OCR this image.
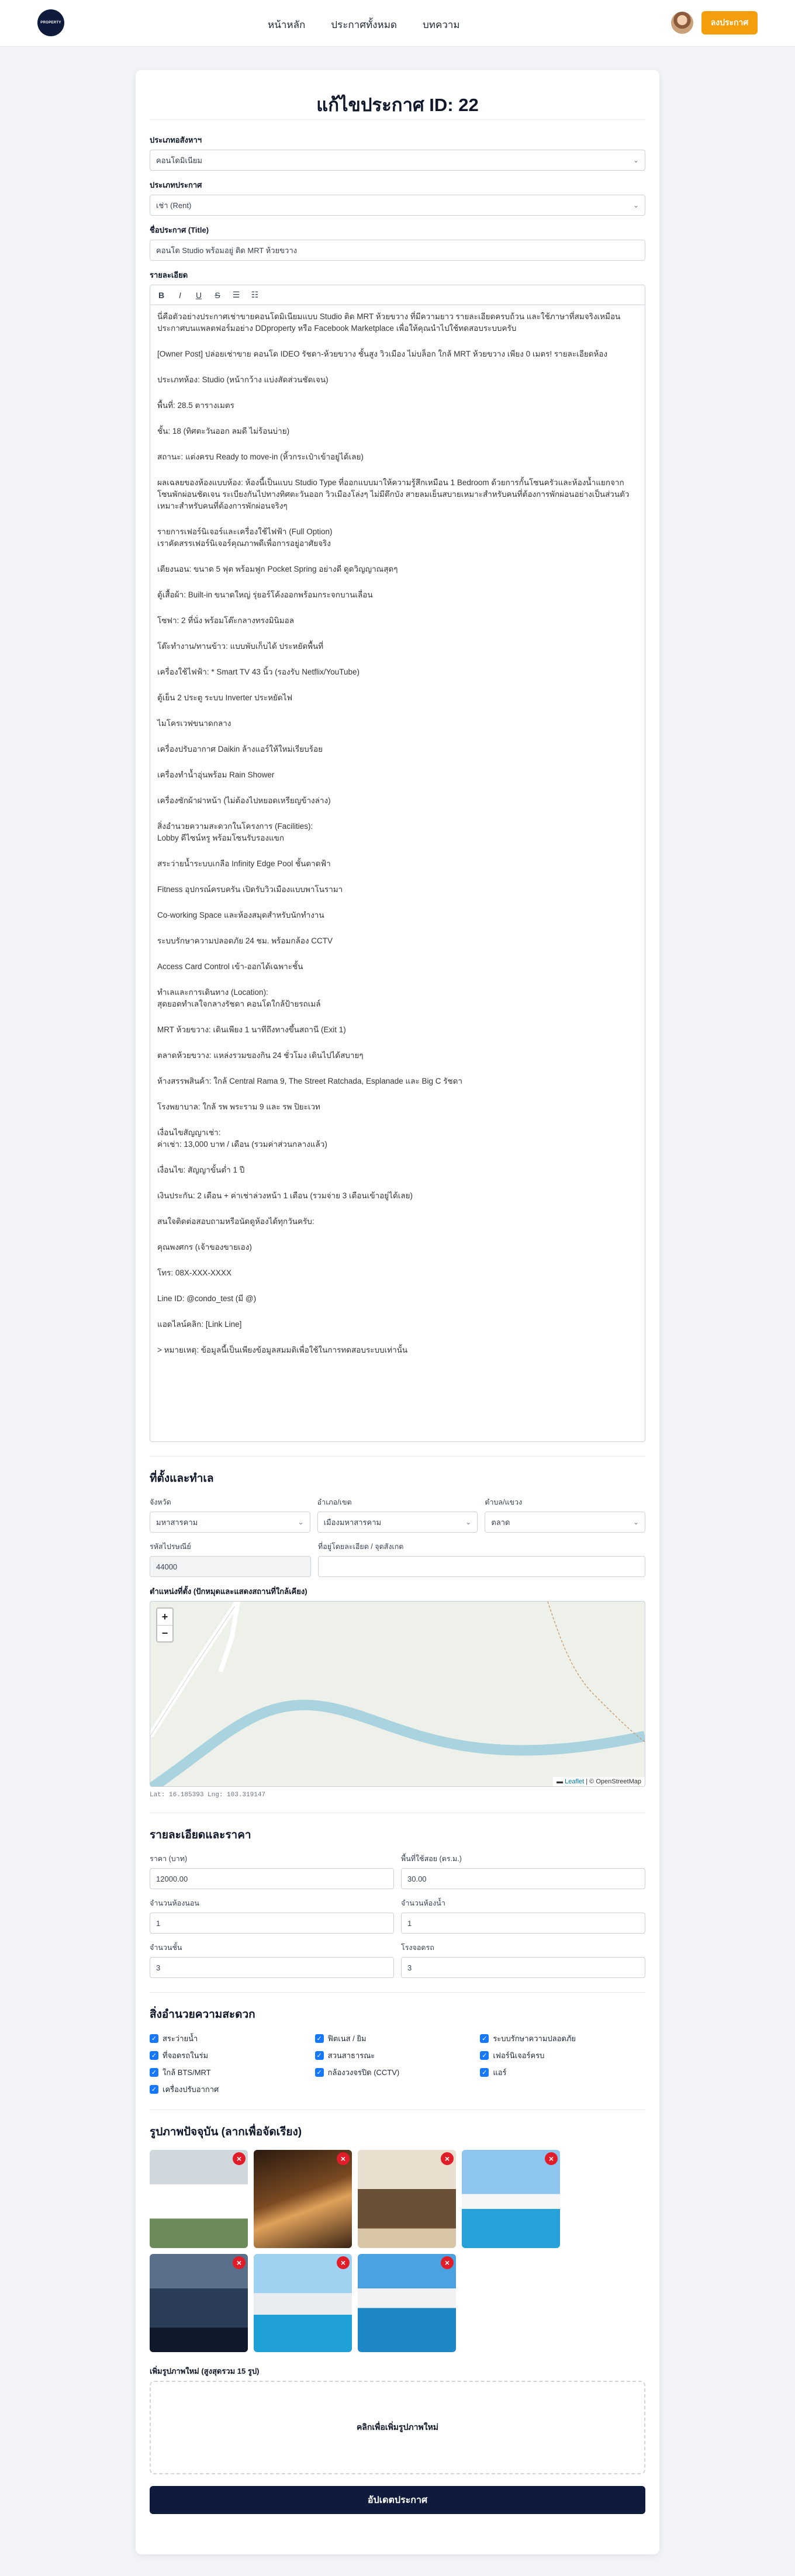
PROPERTY	หน้าหลัก	ประกาศทั้งหมด	บทความ	ลงประกาศ
แก้ไขประกาศ ID: 22
ประเภทอสังหาฯ
คอนโดมิเนียม	⌄
ประเภทประกาศ
เช่า (Rent)	⌄
ชื่อประกาศ (Title)
คอนโด Studio พร้อมอยู่ ติด MRT ห้วยขวาง
รายละเอียด
B	I	U	S	☰ ☷

นี่คือตัวอย่างประกาศเช่าขายคอนโดมิเนียมแบบ Studio ติด MRT ห้วยขวาง ที่มีความยาว รายละเอียดครบถ้วน และใช้ภาษาที่สมจริงเหมือนประกาศบนแพลตฟอร์มอย่าง DDproperty หรือ Facebook Marketplace เพื่อให้คุณนำไปใช้ทดสอบระบบครับ

[Owner Post] ปล่อยเช่าขาย คอนโด IDEO รัชดา-ห้วยขวาง ชั้นสูง วิวเมือง ไม่บล็อก ใกล้ MRT ห้วยขวาง เพียง 0 เมตร! รายละเอียดห้อง

ประเภทห้อง: Studio (หน้ากว้าง แบ่งสัดส่วนชัดเจน)

พื้นที่: 28.5 ตารางเมตร

ชั้น: 18 (ทิศตะวันออก ลมดี ไม่ร้อนบ่าย)

สถานะ: แต่งครบ Ready to move-in (หิ้วกระเป๋าเข้าอยู่ได้เลย)

ผลเฉลยของห้องแบบห้อง: ห้องนี้เป็นแบบ Studio Type ที่ออกแบบมาให้ความรู้สึกเหมือน 1 Bedroom ด้วยการกั้นโซนครัวและห้องน้ำแยกจากโซนพักผ่อนชัดเจน ระเบียงกันไปทางทิศตะวันออก วิวเมืองโล่งๆ ไม่มีตึกบัง สายลมเย็นสบายเหมาะสำหรับคนที่ต้องการพักผ่อนอย่างเป็นส่วนตัว เหมาะสำหรับคนที่ต้องการพักผ่อนจริงๆ

รายการเฟอร์นิเจอร์และเครื่องใช้ไฟฟ้า (Full Option)
เราคัดสรรเฟอร์นิเจอร์คุณภาพดีเพื่อการอยู่อาศัยจริง

เตียงนอน: ขนาด 5 ฟุต พร้อมฟูก Pocket Spring อย่างดี ดูดวิญญาณสุดๆ

ตู้เสื้อผ้า: Built-in ขนาดใหญ่ รุ่ยอร์โค้งออกพร้อมกระจกบานเลื่อน

โซฟา: 2 ที่นั่ง พร้อมโต๊ะกลางทรงมินิมอล

โต๊ะทำงาน/ทานข้าว: แบบพับเก็บได้ ประหยัดพื้นที่

เครื่องใช้ไฟฟ้า: * Smart TV 43 นิ้ว (รองรับ Netflix/YouTube)

ตู้เย็น 2 ประตู ระบบ Inverter ประหยัดไฟ

ไมโครเวฟขนาดกลาง

เครื่องปรับอากาศ Daikin ล้างแอร์ให้ใหม่เรียบร้อย

เครื่องทำน้ำอุ่นพร้อม Rain Shower

เครื่องซักผ้าฝาหน้า (ไม่ต้องไปหยอดเหรียญข้างล่าง)

สิ่งอำนวยความสะดวกในโครงการ (Facilities):
Lobby ดีไซน์หรู พร้อมโซนรับรองแขก

สระว่ายน้ำระบบเกลือ Infinity Edge Pool ชั้นดาดฟ้า

Fitness อุปกรณ์ครบครัน เปิดรับวิวเมืองแบบพาโนรามา

Co-working Space และห้องสมุดสำหรับนักทำงาน

ระบบรักษาความปลอดภัย 24 ชม. พร้อมกล้อง CCTV

Access Card Control เข้า-ออกได้เฉพาะชั้น

ทำเลและการเดินทาง (Location):
สุดยอดทำเลใจกลางรัชดา คอนโดใกล้ป้ายรถเมล์

MRT ห้วยขวาง: เดินเพียง 1 นาทีถึงทางขึ้นสถานี (Exit 1)

ตลาดห้วยขวาง: แหล่งรวมของกิน 24 ชั่วโมง เดินไปได้สบายๆ

ห้างสรรพสินค้า: ใกล้ Central Rama 9, The Street Ratchada, Esplanade และ Big C รัชดา

โรงพยาบาล: ใกล้ รพ พระราม 9 และ รพ ปิยะเวท

เงื่อนไขสัญญาเช่า:
ค่าเช่า: 13,000 บาท / เดือน (รวมค่าส่วนกลางแล้ว)

เงื่อนไข: สัญญาขั้นต่ำ 1 ปี

เงินประกัน: 2 เดือน + ค่าเช่าล่วงหน้า 1 เดือน (รวมจ่าย 3 เดือนเข้าอยู่ได้เลย)

สนใจติดต่อสอบถามหรือนัดดูห้องได้ทุกวันครับ:

คุณพงศกร (เจ้าของขายเอง)

โทร: 08X-XXX-XXXX

Line ID: @condo_test (มี @)

แอดไลน์คลิก: [Link Line]

> หมายเหตุ: ข้อมูลนี้เป็นเพียงข้อมูลสมมติเพื่อใช้ในการทดสอบระบบเท่านั้น

ที่ตั้งและทำเล
จังหวัด
มหาสารคาม	⌄
อำเภอ/เขต
เมืองมหาสารคาม	⌄
ตำบล/แขวง
ตลาด	⌄
รหัสไปรษณีย์
44000
ที่อยู่โดยละเอียด / จุดสังเกต
ตำแหน่งที่ตั้ง (ปักหมุดและแสดงสถานที่ใกล้เคียง)
+
−
▬ Leaflet | © OpenStreetMap
Lat: 16.185393 Lng: 103.319147
รายละเอียดและราคา
ราคา (บาท)
12000.00
พื้นที่ใช้สอย (ตร.ม.)
30.00
จำนวนห้องนอน
1
จำนวนห้องน้ำ
1
จำนวนชั้น
3
โรงจอดรถ
3
สิ่งอำนวยความสะดวก
✓ สระว่ายน้ำ	✓ ฟิตเนส / ยิม	✓ ระบบรักษาความปลอดภัย
✓ ที่จอดรถในร่ม	✓ สวนสาธารณะ	✓ เฟอร์นิเจอร์ครบ
✓ ใกล้ BTS/MRT	✓ กล้องวงจรปิด (CCTV)	✓ แอร์
✓ เครื่องปรับอากาศ
รูปภาพปัจจุบัน (ลากเพื่อจัดเรียง)
×	×	×	×
×	×	×
เพิ่มรูปภาพใหม่ (สูงสุดรวม 15 รูป)
คลิกเพื่อเพิ่มรูปภาพใหม่
อัปเดตประกาศ
